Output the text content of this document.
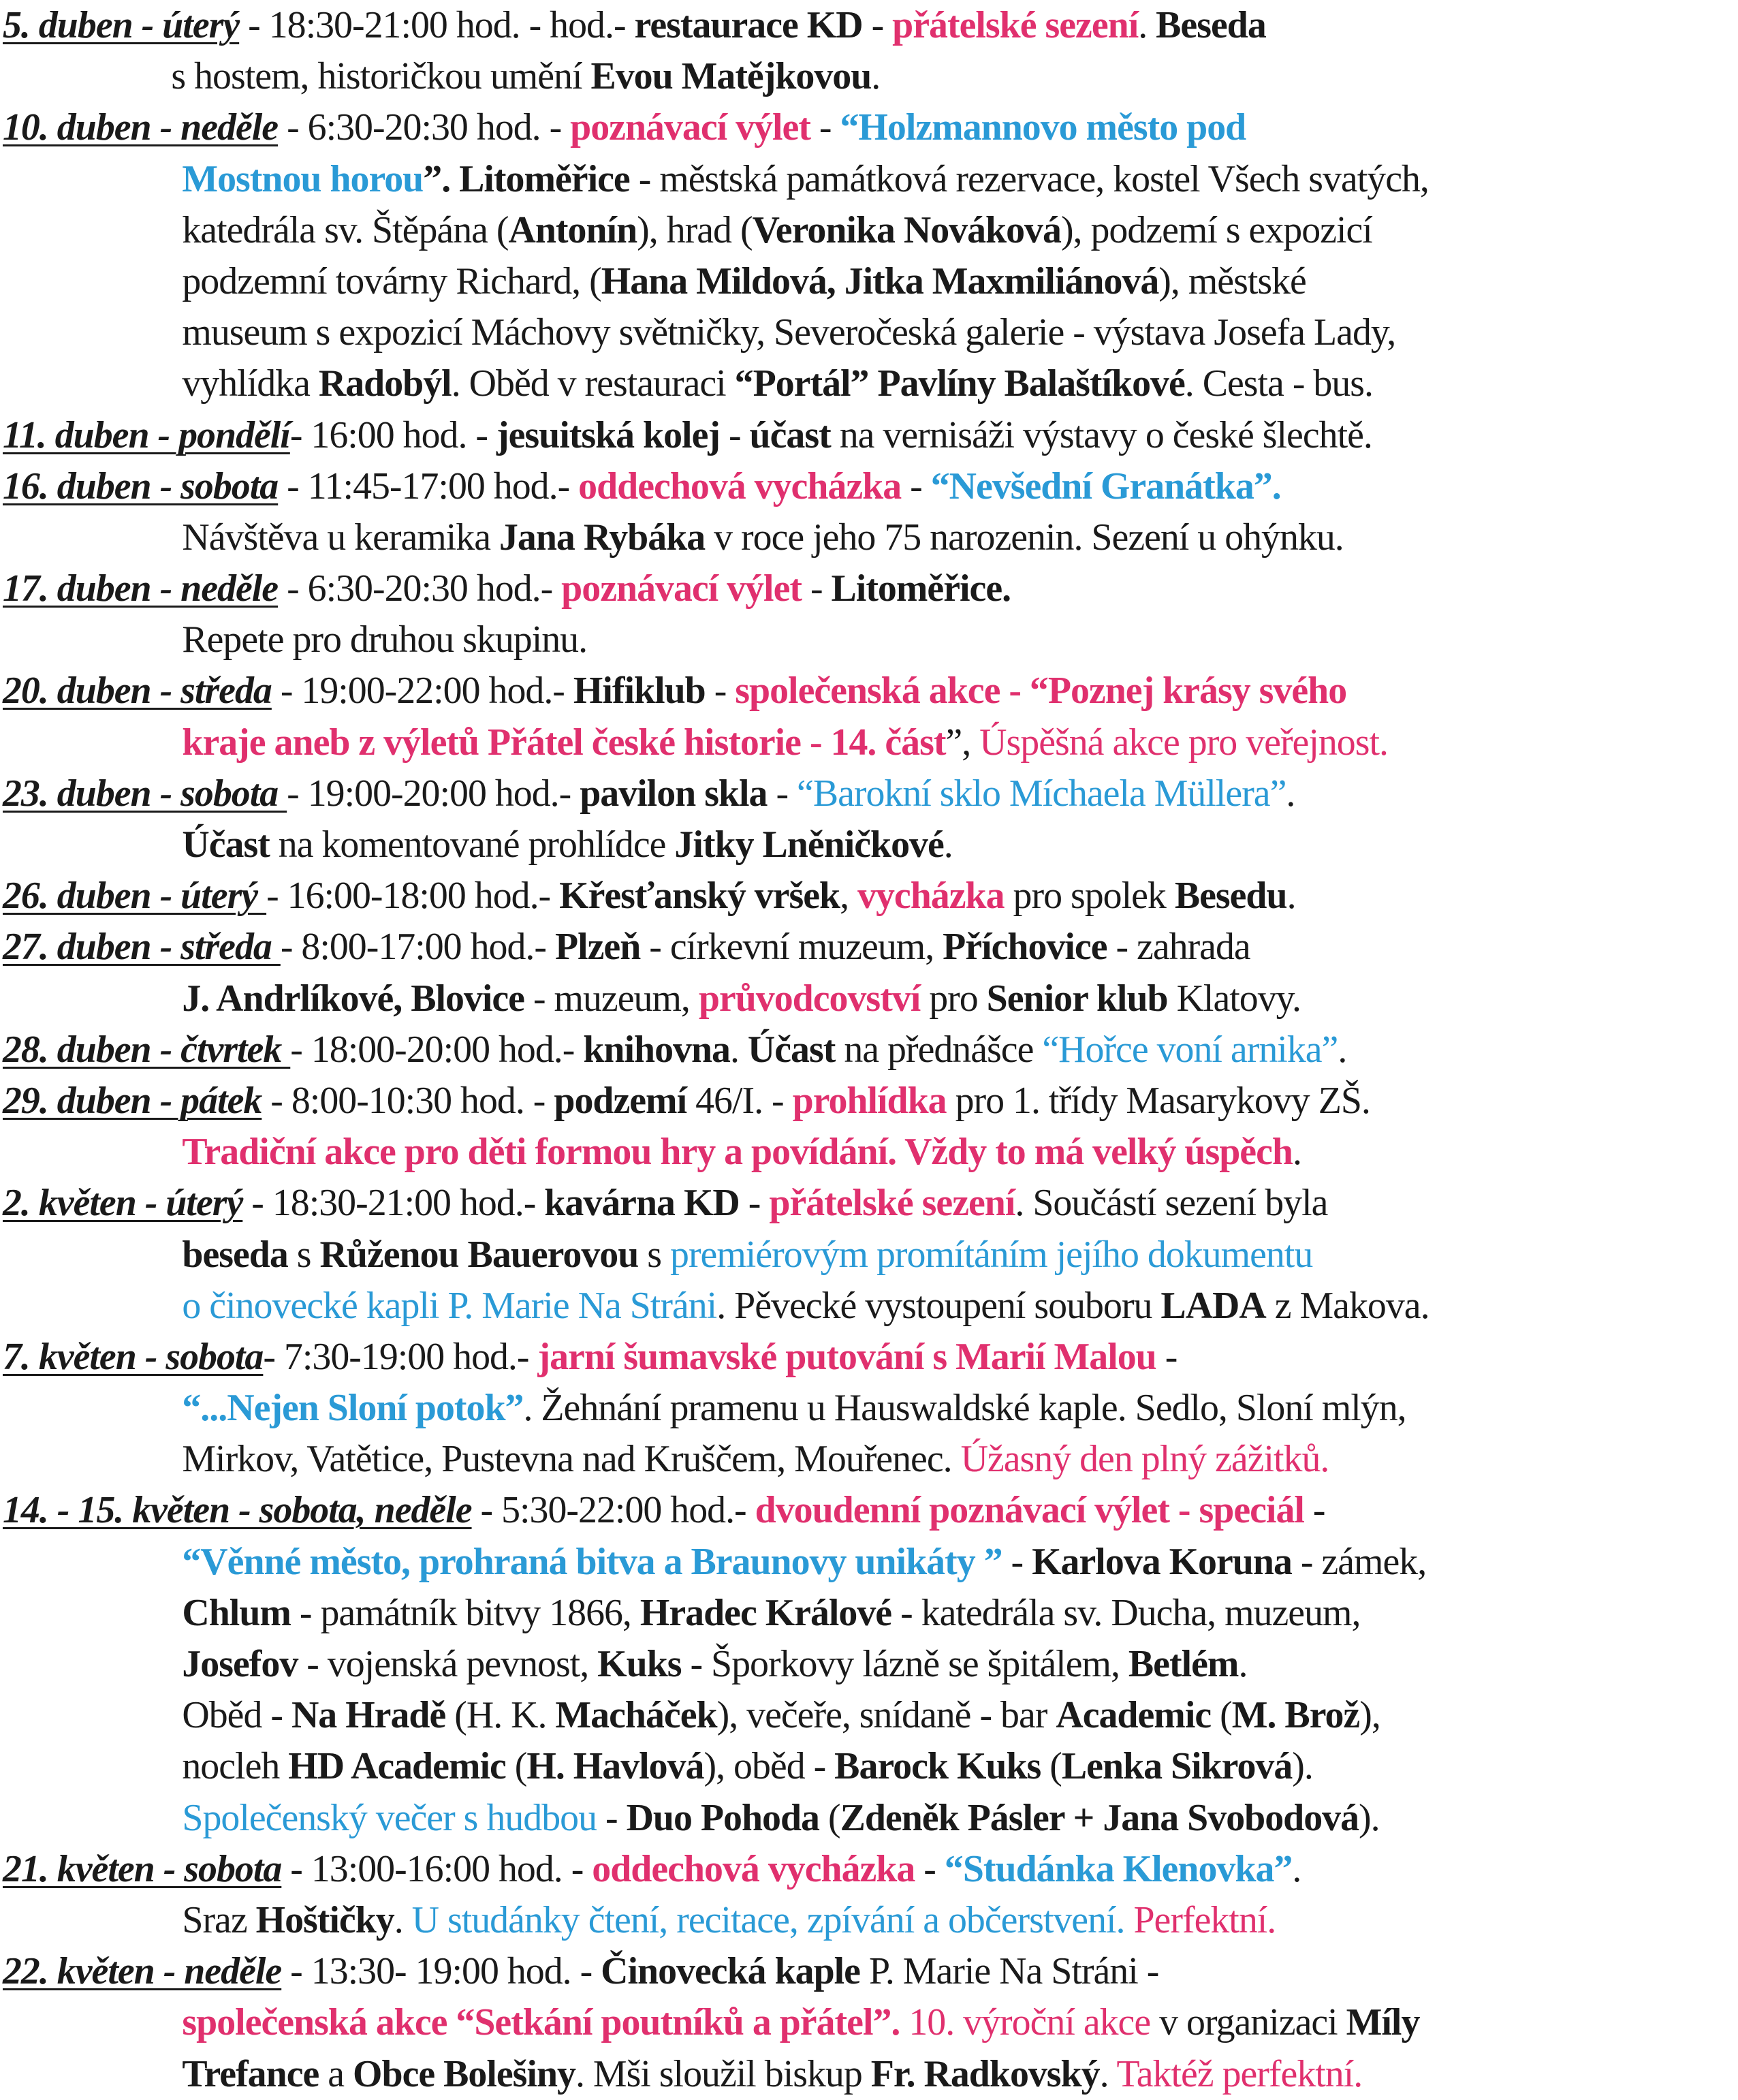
5. duben - úterý - 18:30-21:00 hod. - hod.- restaurace KD - přátelské sezení. Beseda
s hostem, historičkou umění Evou Matějkovou.
10. duben - neděle - 6:30-20:30 hod. - poznávací výlet - “Holzmannovo město pod
Mostnou horou”. Litoměřice - městská památková rezervace, kostel Všech svatých,
katedrála sv. Štěpána (Antonín), hrad (Veronika Nováková), podzemí s expozicí
podzemní továrny Richard, (Hana Mildová, Jitka Maxmiliánová), městské
museum s expozicí Máchovy světničky, Severočeská galerie - výstava Josefa Lady,
vyhlídka Radobýl. Oběd v restauraci “Portál” Pavlíny Balaštíkové. Cesta - bus.
11. duben - pondělí- 16:00 hod. - jesuitská kolej - účast na vernisáži výstavy o české šlechtě.
16. duben - sobota - 11:45-17:00 hod.- oddechová vycházka - “Nevšední Granátka”.
Návštěva u keramika Jana Rybáka v roce jeho 75 narozenin. Sezení u ohýnku.
17. duben - neděle - 6:30-20:30 hod.- poznávací výlet - Litoměřice.
Repete pro druhou skupinu.
20. duben - středa - 19:00-22:00 hod.- Hifiklub - společenská akce - “Poznej krásy svého
kraje aneb z výletů Přátel české historie - 14. část”, Úspěšná akce pro veřejnost.
23. duben - sobota - 19:00-20:00 hod.- pavilon skla - “Barokní sklo Míchaela Müllera”.
Účast na komentované prohlídce Jitky Lněničkové.
26. duben - úterý - 16:00-18:00 hod.- Křesťanský vršek, vycházka pro spolek Besedu.
27. duben - středa - 8:00-17:00 hod.- Plzeň - církevní muzeum, Příchovice - zahrada
J. Andrlíkové, Blovice - muzeum, průvodcovství pro Senior klub Klatovy.
28. duben - čtvrtek - 18:00-20:00 hod.- knihovna. Účast na přednášce “Hořce voní arnika”.
29. duben - pátek - 8:00-10:30 hod. - podzemí 46/I. - prohlídka pro 1. třídy Masarykovy ZŠ.
Tradiční akce pro děti formou hry a povídání. Vždy to má velký úspěch.
2. květen - úterý - 18:30-21:00 hod.- kavárna KD - přátelské sezení. Součástí sezení byla
beseda s Růženou Bauerovou s premiérovým promítáním jejího dokumentu
o činovecké kapli P. Marie Na Stráni. Pěvecké vystoupení souboru LADA z Makova.
7. květen - sobota- 7:30-19:00 hod.- jarní šumavské putování s Marií Malou -
“...Nejen Sloní potok”. Žehnání pramenu u Hauswaldské kaple. Sedlo, Sloní mlýn,
Mirkov, Vatětice, Pustevna nad Kruščem, Mouřenec. Úžasný den plný zážitků.
14. - 15. květen - sobota, neděle - 5:30-22:00 hod.- dvoudenní poznávací výlet - speciál -
“Věnné město, prohraná bitva a Braunovy unikáty ” - Karlova Koruna - zámek,
Chlum - památník bitvy 1866, Hradec Králové - katedrála sv. Ducha, muzeum,
Josefov - vojenská pevnost, Kuks - Šporkovy lázně se špitálem, Betlém.
Oběd - Na Hradě (H. K. Macháček), večeře, snídaně - bar Academic (M. Brož),
nocleh HD Academic (H. Havlová), oběd - Barock Kuks (Lenka Sikrová).
Společenský večer s hudbou - Duo Pohoda (Zdeněk Pásler + Jana Svobodová).
21. květen - sobota - 13:00-16:00 hod. - oddechová vycházka - “Studánka Klenovka”.
Sraz Hoštičky. U studánky čtení, recitace, zpívání a občerstvení. Perfektní.
22. květen - neděle - 13:30- 19:00 hod. - Činovecká kaple P. Marie Na Stráni -
společenská akce “Setkání poutníků a přátel”. 10. výroční akce v organizaci Míly
Trefance a Obce Bolešiny. Mši sloužil biskup Fr. Radkovský. Taktéž perfektní.
